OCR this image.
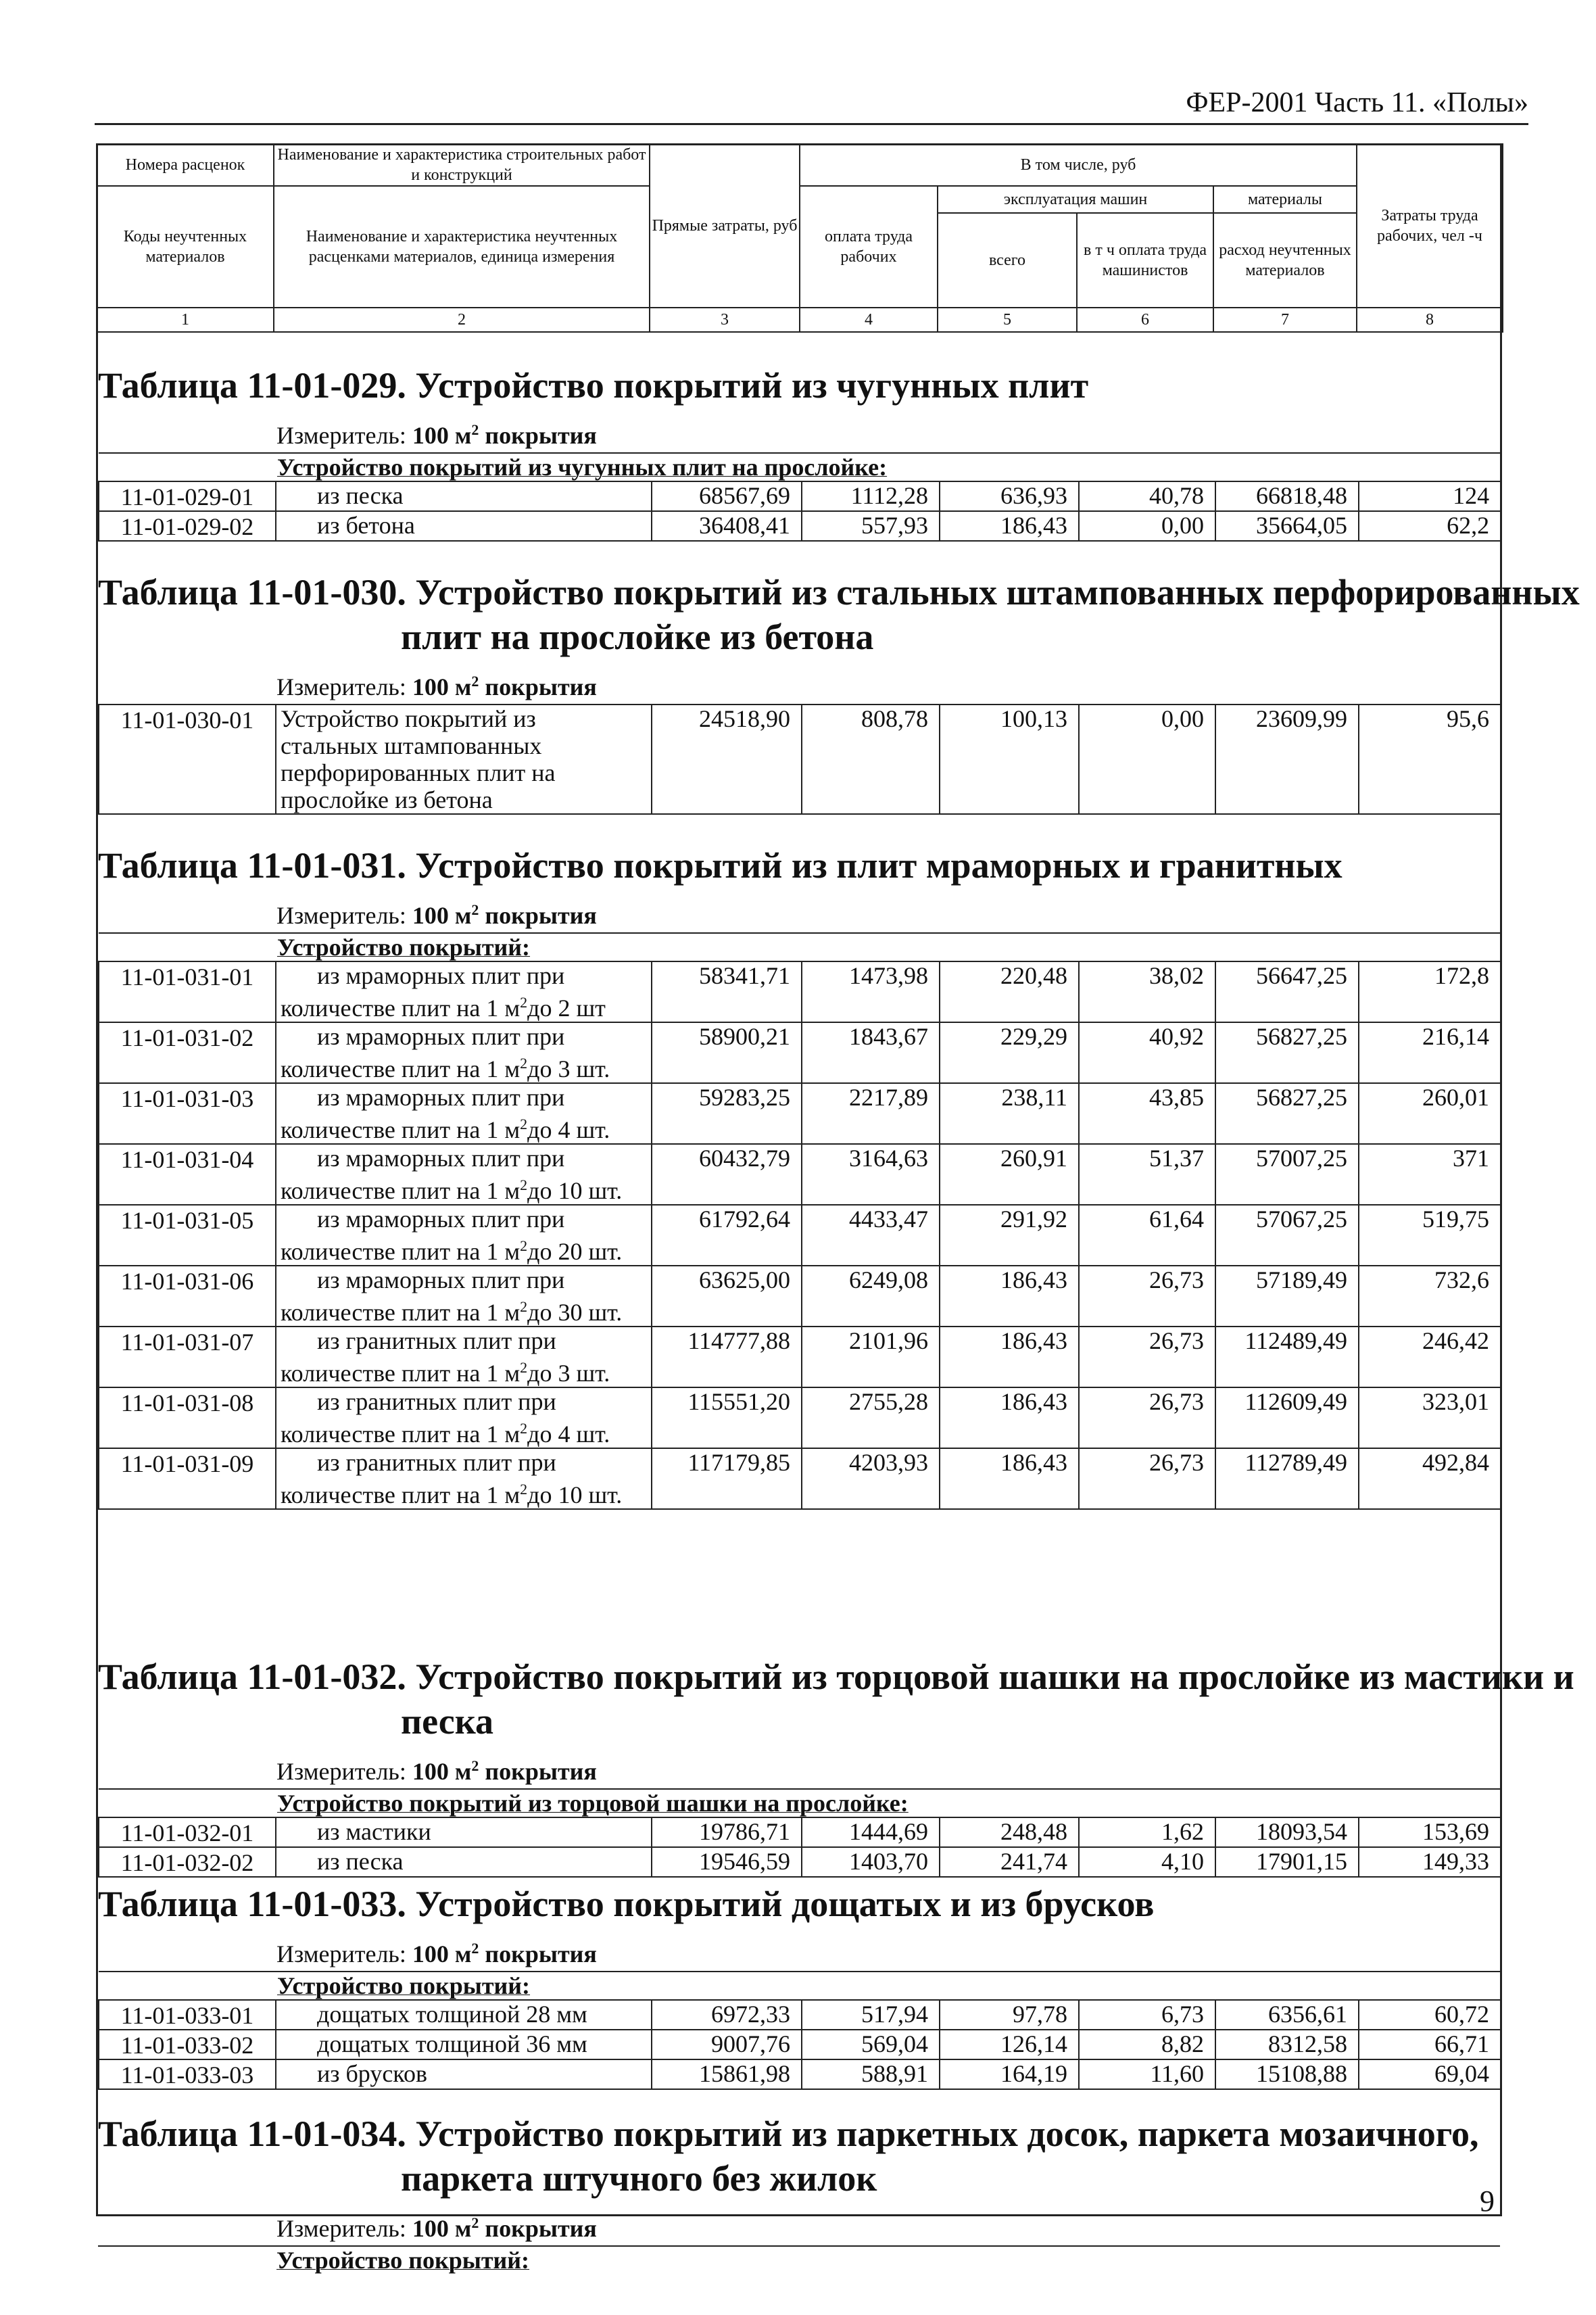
ФЕР-2001 Часть 11. «Полы»
Номера расценок	Наименование и характеристика строительных работ и конструкций	Прямые затраты, руб	В том числе, руб				Затраты труда рабочих, чел -ч
Коды неучтенных материалов	Наименование и характеристика неучтенных расценками материалов, единица измерения		оплата труда рабочих	эксплуатация машин		материалы	
				всего	в т ч оплата труда машинистов	расход неучтенных материалов	
1	2	3	4	5	6	7	8
Таблица 11-01-029. Устройство покрытий из чугунных плит
Измеритель: 100 $м^2$ покрытия
Устройство покрытий из чугунных плит на прослойке:							
11-01-029-01	из песка	68567,69	1112,28	636,93	40,78	66818,48	124
11-01-029-02	из бетона	36408,41	557,93	186,43	0,00	35664,05	62,2
Таблица 11-01-030. Устройство покрытий из стальных штампованных перфорированных
плит на прослойке из бетона
Измеритель: 100 $м^2$ покрытия
11-01-030-01	Устройство покрытий из стальных штампованных перфорированных плит на прослойке из бетона	24518,90	808,78	100,13	0,00	23609,99	95,6
Таблица 11-01-031. Устройство покрытий из плит мраморных и гранитных
Измеритель: 100 $м^2$ покрытия
Устройство покрытий:							
11-01-031-01	из мраморных плит при
количестве плит на 1 $м^2до$ 2 шт	58341,71	1473,98	220,48	38,02	56647,25	172,8
11-01-031-02	из мраморных плит при
количестве плит на 1 $м^2до$ 3 шт.	58900,21	1843,67	229,29	40,92	56827,25	216,14
11-01-031-03	из мраморных плит при
количестве плит на 1 $м^2до$ 4 шт.	59283,25	2217,89	238,11	43,85	56827,25	260,01
11-01-031-04	из мраморных плит при
количестве плит на 1 $м^2до$ 10 шт.	60432,79	3164,63	260,91	51,37	57007,25	371
11-01-031-05	из мраморных плит при
количестве плит на 1 $м^2до$ 20 шт.	61792,64	4433,47	291,92	61,64	57067,25	519,75
11-01-031-06	из мраморных плит при
количестве плит на 1 $м^2до$ 30 шт.	63625,00	6249,08	186,43	26,73	57189,49	732,6
11-01-031-07	из гранитных плит при
количестве плит на 1 $м^2до$ 3 шт.	114777,88	2101,96	186,43	26,73	112489,49	246,42
11-01-031-08	из гранитных плит при
количестве плит на 1 $м^2до$ 4 шт.	115551,20	2755,28	186,43	26,73	112609,49	323,01
11-01-031-09	из гранитных плит при
количестве плит на 1 $м^2до$ 10 шт.	117179,85	4203,93	186,43	26,73	112789,49	492,84
Таблица 11-01-032. Устройство покрытий из торцовой шашки на прослойке из мастики и
песка
Измеритель: 100 $м^2$ покрытия
Устройство покрытий из торцовой шашки на прослойке:							
11-01-032-01	из мастики	19786,71	1444,69	248,48	1,62	18093,54	153,69
11-01-032-02	из песка	19546,59	1403,70	241,74	4,10	17901,15	149,33
Таблица 11-01-033. Устройство покрытий дощатых и из брусков
Измеритель: 100 $м^2$ покрытия
Устройство покрытий:							
11-01-033-01	дощатых толщиной 28 мм	6972,33	517,94	97,78	6,73	6356,61	60,72
11-01-033-02	дощатых толщиной 36 мм	9007,76	569,04	126,14	8,82	8312,58	66,71
11-01-033-03	из брусков	15861,98	588,91	164,19	11,60	15108,88	69,04
Таблица 11-01-034. Устройство покрытий из паркетных досок, паркета мозаичного,
паркета штучного без жилок
Измеритель: 100 $м^2$ покрытия
Устройство покрытий:
9
